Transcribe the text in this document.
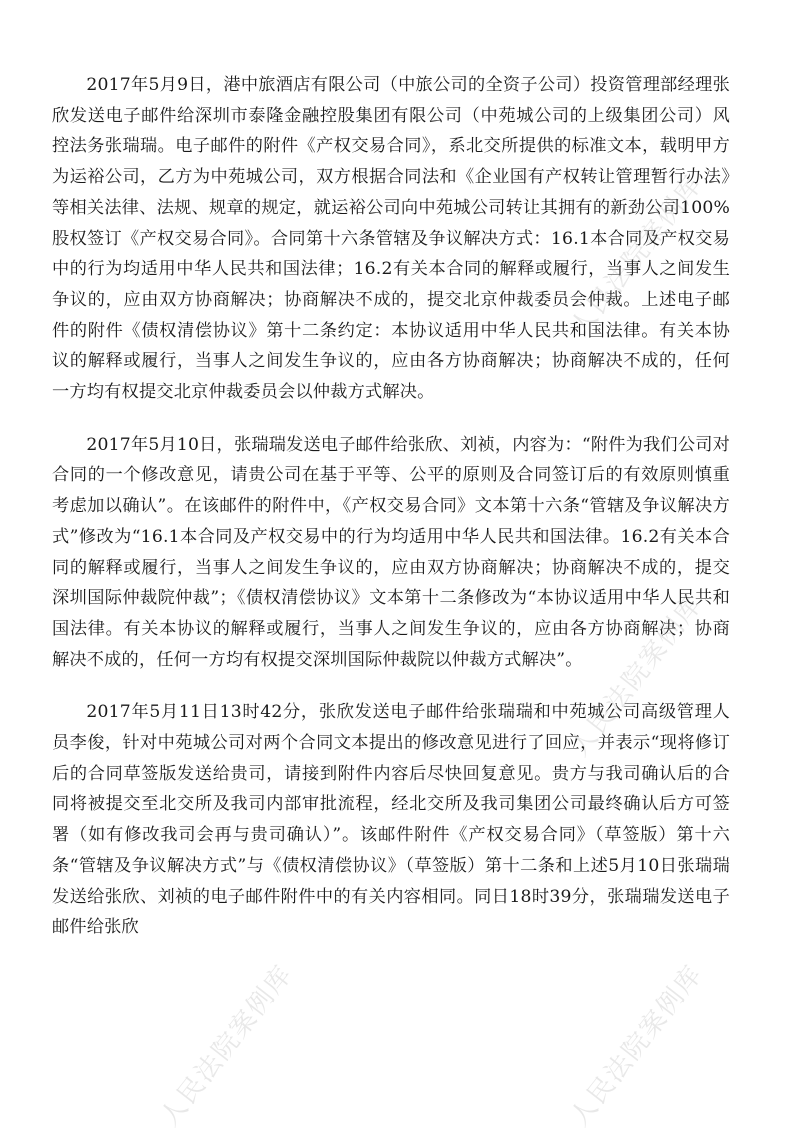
2017年5月9日，港中旅酒店有限公司（中旅公司的全资子公司）投资管理部经理张欣发送电子邮件给深圳市泰隆金融控股集团有限公司（中苑城公司的上级集团公司）风控法务张瑞瑞。电子邮件的附件《产权交易合同》，系北交所提供的标准文本，载明甲方为运裕公司，乙方为中苑城公司，双方根据合同法和《企业国有产权转让管理暂行办法》等相关法律、法规、规章的规定，就运裕公司向中苑城公司转让其拥有的新劲公司100%股权签订《产权交易合同》。合同第十六条管辖及争议解决方式：16.1本合同及产权交易中的行为均适用中华人民共和国法律；16.2有关本合同的解释或履行，当事人之间发生争议的，应由双方协商解决；协商解决不成的，提交北京仲裁委员会仲裁。上述电子邮件的附件《债权清偿协议》第十二条约定：本协议适用中华人民共和国法律。有关本协议的解释或履行，当事人之间发生争议的，应由各方协商解决；协商解决不成的，任何一方均有权提交北京仲裁委员会以仲裁方式解决。

2017年5月10日，张瑞瑞发送电子邮件给张欣、刘祯，内容为：“附件为我们公司对合同的一个修改意见，请贵公司在基于平等、公平的原则及合同签订后的有效原则慎重考虑加以确认”。在该邮件的附件中，《产权交易合同》文本第十六条“管辖及争议解决方式”修改为“16.1本合同及产权交易中的行为均适用中华人民共和国法律。16.2有关本合同的解释或履行，当事人之间发生争议的，应由双方协商解决；协商解决不成的，提交深圳国际仲裁院仲裁”；《债权清偿协议》文本第十二条修改为“本协议适用中华人民共和国法律。有关本协议的解释或履行，当事人之间发生争议的，应由各方协商解决；协商解决不成的，任何一方均有权提交深圳国际仲裁院以仲裁方式解决”。

2017年5月11日13时42分，张欣发送电子邮件给张瑞瑞和中苑城公司高级管理人员李俊，针对中苑城公司对两个合同文本提出的修改意见进行了回应，并表示“现将修订后的合同草签版发送给贵司，请接到附件内容后尽快回复意见。贵方与我司确认后的合同将被提交至北交所及我司内部审批流程，经北交所及我司集团公司最终确认后方可签署（如有修改我司会再与贵司确认）”。该邮件附件《产权交易合同》（草签版）第十六条“管辖及争议解决方式”与《债权清偿协议》（草签版）第十二条和上述5月10日张瑞瑞发送给张欣、刘祯的电子邮件附件中的有关内容相同。同日18时39分，张瑞瑞发送电子邮件给张欣

人民法院案例库
人民法院案例库
人民法院案例库	人民法院案例库
